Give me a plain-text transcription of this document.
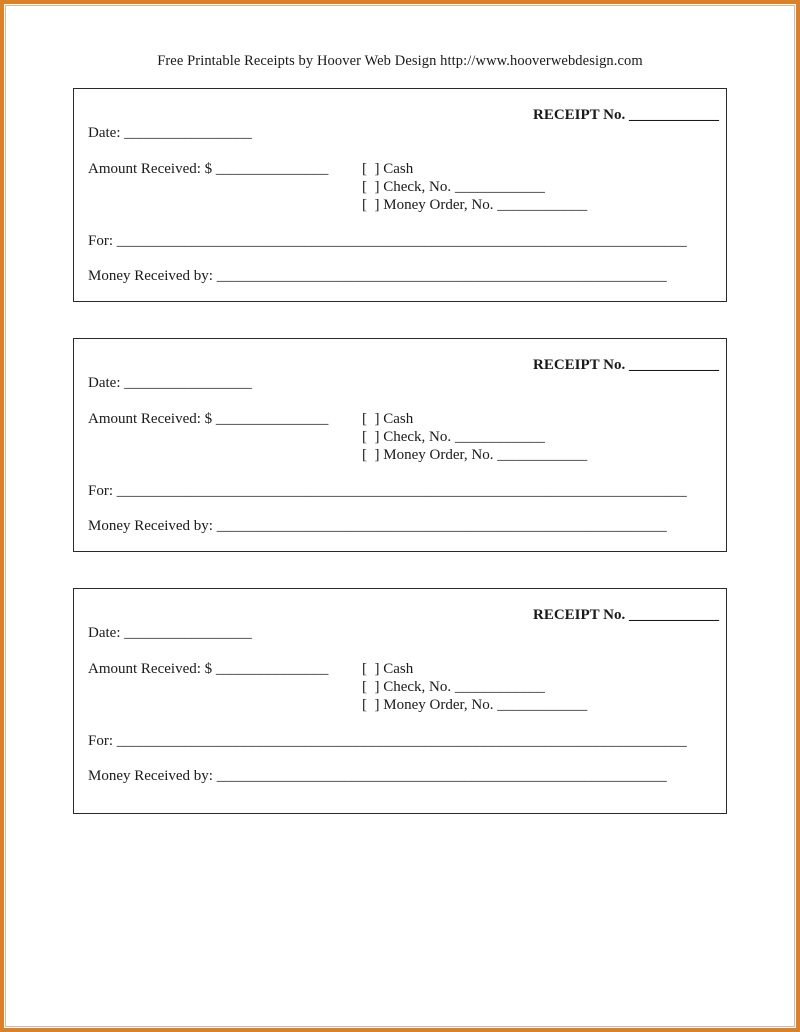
Free Printable Receipts by Hoover Web Design http://www.hooverwebdesign.com
RECEIPT No. ____________
Date: _________________
Amount Received: $ _______________ [  ] Cash
[  ] Check, No. ____________
[  ] Money Order, No. ____________
For: ____________________________________________________________________________
Money Received by: ____________________________________________________________
RECEIPT No. ____________
Date: _________________
Amount Received: $ _______________ [  ] Cash
[  ] Check, No. ____________
[  ] Money Order, No. ____________
For: ____________________________________________________________________________
Money Received by: ____________________________________________________________
RECEIPT No. ____________
Date: _________________
Amount Received: $ _______________ [  ] Cash
[  ] Check, No. ____________
[  ] Money Order, No. ____________
For: ____________________________________________________________________________
Money Received by: ____________________________________________________________
